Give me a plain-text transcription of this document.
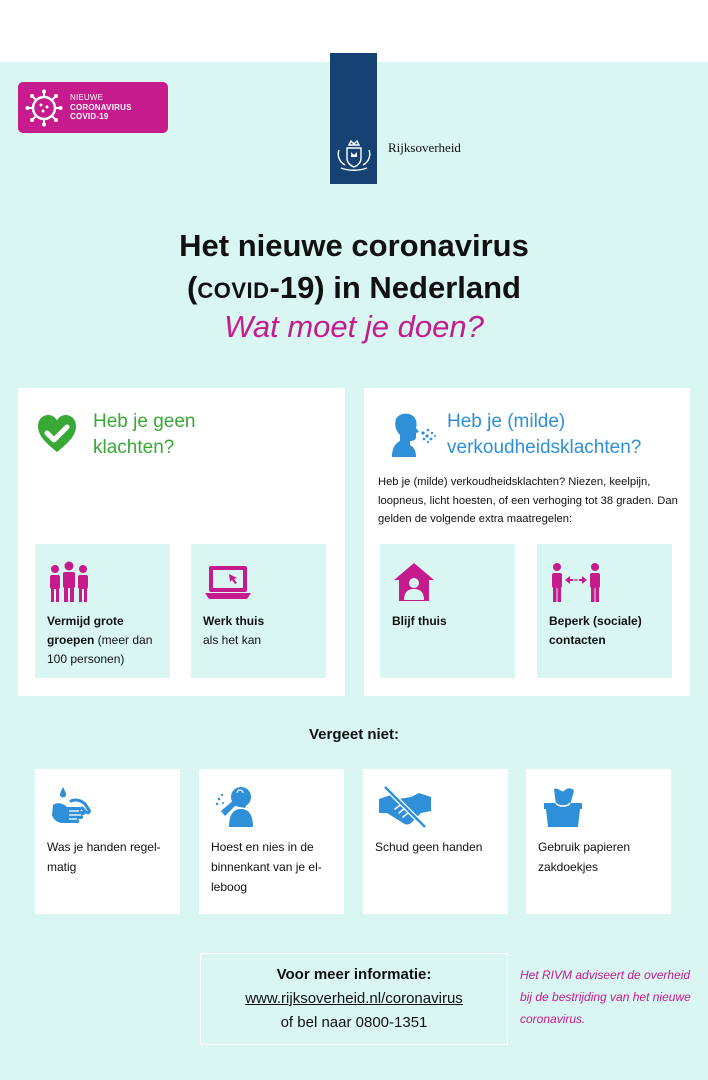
NIEUWE
CORONAVIRUS
COVID-19
Rijksoverheid
Het nieuwe coronavirus
(COVID-19) in Nederland
Wat moet je doen?
Heb je geen
klachten?
Vermijd grote groepen (meer dan 100 personen)
Werk thuis
als het kan
Heb je (milde)
verkoudheidsklachten?
Heb je (milde) verkoudheidsklachten? Niezen, keelpijn, loopneus, licht hoesten, of een verhoging tot 38 graden. Dan gelden de volgende extra maatregelen:
Blijf thuis	Beperk (sociale) contacten
Vergeet niet:
Was je handen regel-matig
Hoest en nies in de binnenkant van je el-leboog
Schud geen handen	Gebruik papieren zakdoekjes
Voor meer informatie:
www.rijksoverheid.nl/coronavirus
of bel naar 0800-1351
Het RIVM adviseert de overheid bij de bestrijding van het nieuwe coronavirus.
